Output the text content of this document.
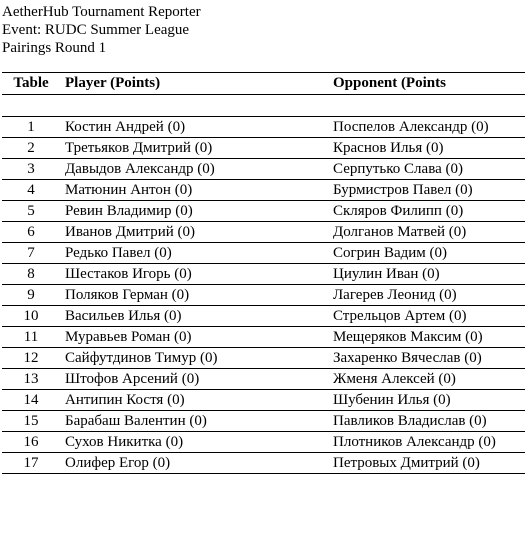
AetherHub Tournament Reporter
Event: RUDC Summer League
Pairings Round 1
Table	Player (Points)	Opponent (Points

1	Костин Андрей (0)	Поспелов Александр (0)
2	Третьяков Дмитрий (0)	Краснов Илья (0)
3	Давыдов Александр (0)	Серпутько Слава (0)
4	Матюнин Антон (0)	Бурмистров Павел (0)
5	Ревин Владимир (0)	Скляров Филипп (0)
6	Иванов Дмитрий (0)	Долганов Матвей (0)
7	Редько Павел (0)	Согрин Вадим (0)
8	Шестаков Игорь (0)	Циулин Иван (0)
9	Поляков Герман (0)	Лагерев Леонид (0)
10	Васильев Илья (0)	Стрельцов Артем (0)
11	Муравьев Роман (0)	Мещеряков Максим (0)
12	Сайфутдинов Тимур (0)	Захаренко Вячеслав (0)
13	Штофов Арсений (0)	Жменя Алексей (0)
14	Антипин Костя (0)	Шубенин Илья (0)
15	Барабаш Валентин (0)	Павликов Владислав (0)
16	Сухов Никитка (0)	Плотников Александр (0)
17	Олифер Егор (0)	Петровых Дмитрий (0)
